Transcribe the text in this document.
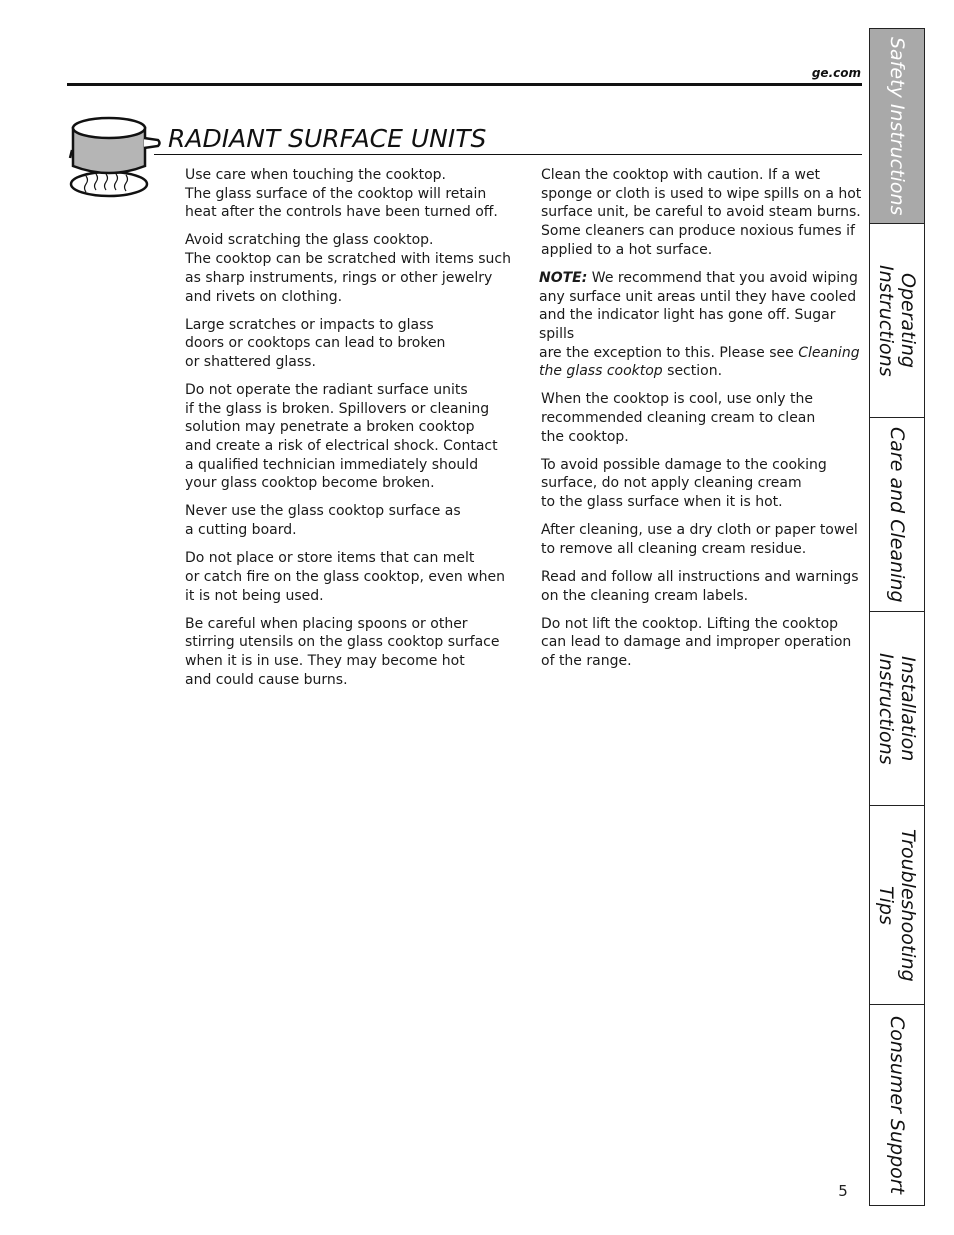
ge.com
RADIANT SURFACE UNITS

Use care when touching the cooktop.
The glass surface of the cooktop will retain
heat after the controls have been turned off.

Avoid scratching the glass cooktop.
The cooktop can be scratched with items such
as sharp instruments, rings or other jewelry
and rivets on clothing.

Large scratches or impacts to glass
doors or cooktops can lead to broken
or shattered glass.

Do not operate the radiant surface units
if the glass is broken. Spillovers or cleaning
solution may penetrate a broken cooktop
and create a risk of electrical shock. Contact
a qualified technician immediately should
your glass cooktop become broken.

Never use the glass cooktop surface as
a cutting board.

Do not place or store items that can melt
or catch fire on the glass cooktop, even when
it is not being used.

Be careful when placing spoons or other
stirring utensils on the glass cooktop surface
when it is in use. They may become hot
and could cause burns.

Clean the cooktop with caution. If a wet
sponge or cloth is used to wipe spills on a hot
surface unit, be careful to avoid steam burns.
Some cleaners can produce noxious fumes if
applied to a hot surface.

NOTE: We recommend that you avoid wiping
any surface unit areas until they have cooled
and the indicator light has gone off. Sugar spills
are the exception to this. Please see Cleaning
the glass cooktop section.

When the cooktop is cool, use only the
recommended cleaning cream to clean
the cooktop.

To avoid possible damage to the cooking
surface, do not apply cleaning cream
to the glass surface when it is hot.

After cleaning, use a dry cloth or paper towel
to remove all cleaning cream residue.

Read and follow all instructions and warnings
on the cleaning cream labels.

Do not lift the cooktop. Lifting the cooktop
can lead to damage and improper operation
of the range.

Safety Instructions
Operating
Instructions
Care and Cleaning
Installation
Instructions
Troubleshooting
Tips
Consumer Support
5
